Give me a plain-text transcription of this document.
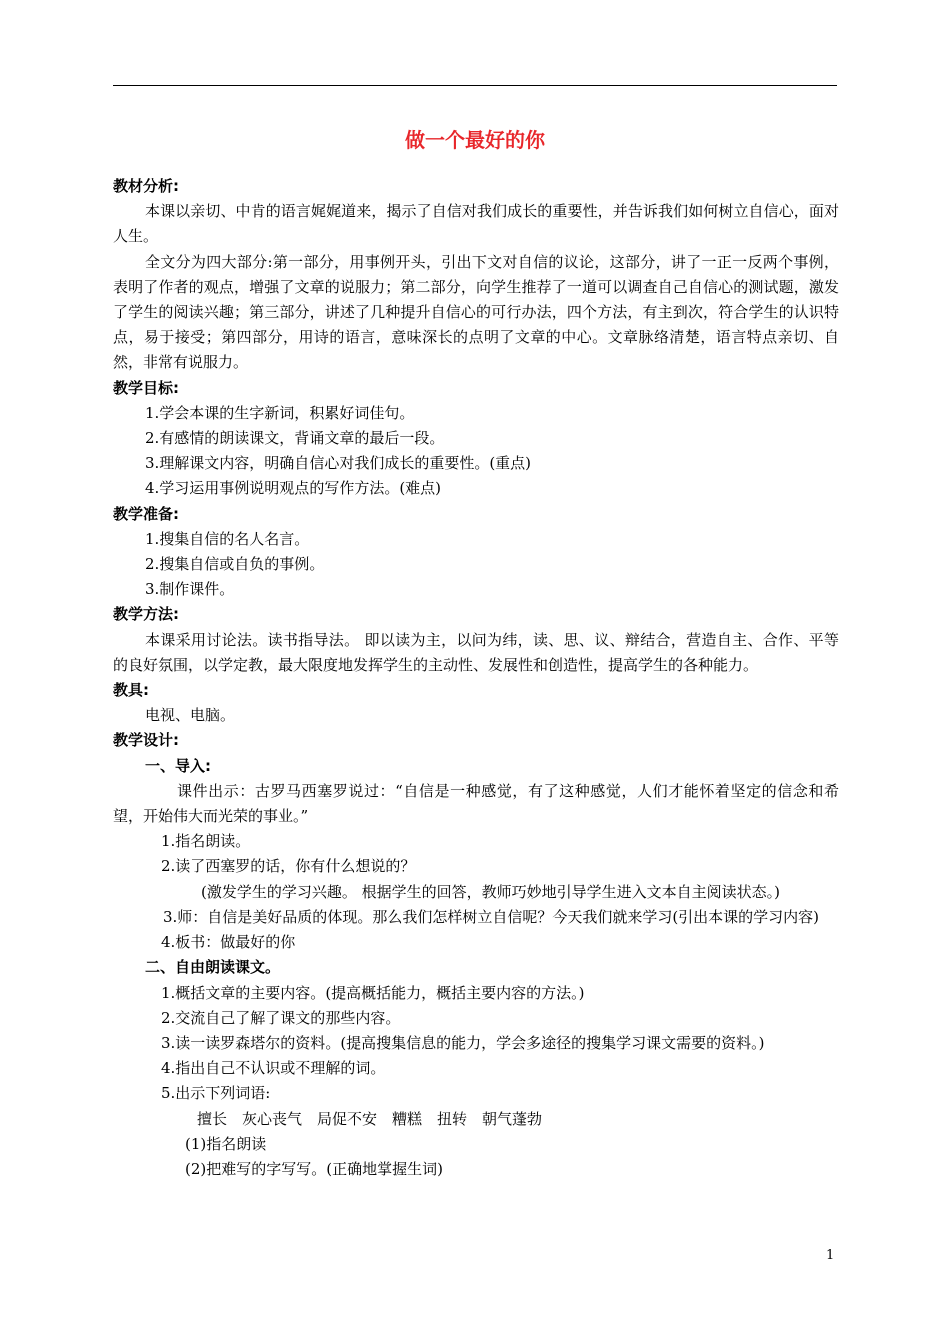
做一个最好的你

教材分析:

本课以亲切、中肯的语言娓娓道来，揭示了自信对我们成长的重要性，并告诉我们如何树立自信心，面对人生。

全文分为四大部分:第一部分，用事例开头，引出下文对自信的议论，这部分，讲了一正一反两个事例，表明了作者的观点，增强了文章的说服力；第二部分，向学生推荐了一道可以调查自己自信心的测试题，激发了学生的阅读兴趣；第三部分，讲述了几种提升自信心的可行办法，四个方法，有主到次，符合学生的认识特点，易于接受；第四部分，用诗的语言，意味深长的点明了文章的中心。文章脉络清楚，语言特点亲切、自然，非常有说服力。

教学目标:

1.学会本课的生字新词，积累好词佳句。

2.有感情的朗读课文，背诵文章的最后一段。

3.理解课文内容，明确自信心对我们成长的重要性。(重点)

4.学习运用事例说明观点的写作方法。(难点)

教学准备:

1.搜集自信的名人名言。

2.搜集自信或自负的事例。

3.制作课件。

教学方法:

本课采用讨论法。读书指导法。 即以读为主，以问为纬，读、思、议、辩结合，营造自主、合作、平等的良好氛围，以学定教，最大限度地发挥学生的主动性、发展性和创造性，提高学生的各种能力。

教具:

电视、电脑。

教学设计:

一、导入:

课件出示：古罗马西塞罗说过：“自信是一种感觉，有了这种感觉，人们才能怀着坚定的信念和希望，开始伟大而光荣的事业。”

1.指名朗读。

2.读了西塞罗的话，你有什么想说的？

(激发学生的学习兴趣。 根据学生的回答，教师巧妙地引导学生进入文本自主阅读状态。)

3.师：自信是美好品质的体现。那么我们怎样树立自信呢？今天我们就来学习(引出本课的学习内容)

4.板书：做最好的你

二、自由朗读课文。

1.概括文章的主要内容。(提高概括能力，概括主要内容的方法。)

2.交流自己了解了课文的那些内容。

3.读一读罗森塔尔的资料。(提高搜集信息的能力，学会多途径的搜集学习课文需要的资料。)

4.指出自己不认识或不理解的词。

5.出示下列词语:

擅长　灰心丧气　局促不安　糟糕　扭转　朝气蓬勃

(1)指名朗读

(2)把难写的字写写。(正确地掌握生词)

1
